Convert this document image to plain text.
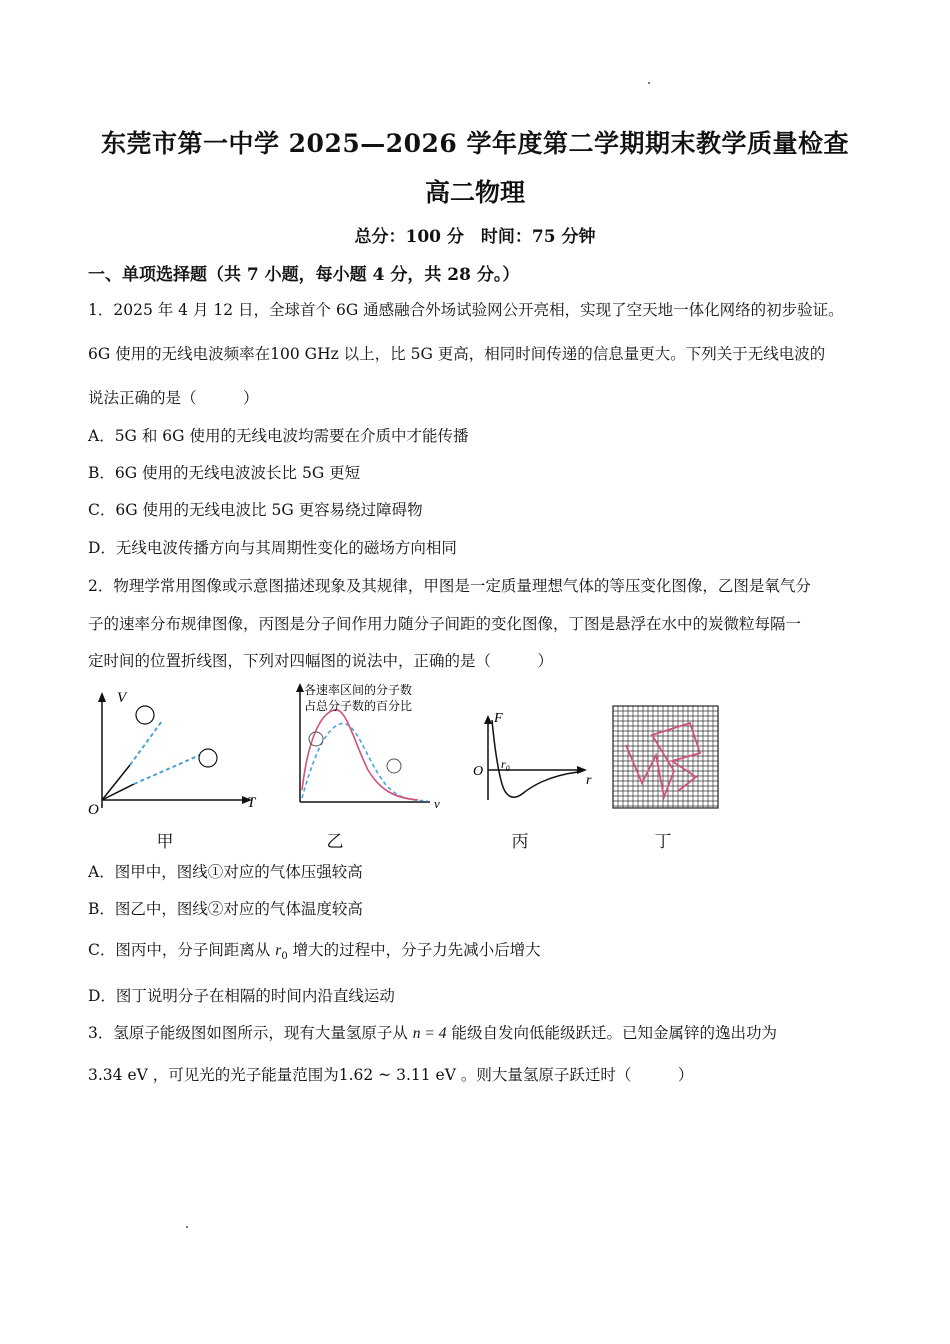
东莞市第一中学 2025—2026 学年度第二学期期末教学质量检查
高二物理
总分：100 分　时间：75 分钟
一、单项选择题（共 7 小题，每小题 4 分，共 28 分。）
1．2025 年 4 月 12 日，全球首个 6G 通感融合外场试验网公开亮相，实现了空天地一体化网络的初步验证。
6G 使用的无线电波频率在100 GHz 以上，比 5G 更高，相同时间传递的信息量更大。下列关于无线电波的
说法正确的是（　　　）
A．5G 和 6G 使用的无线电波均需要在介质中才能传播
B．6G 使用的无线电波波长比 5G 更短
C．6G 使用的无线电波比 5G 更容易绕过障碍物
D．无线电波传播方向与其周期性变化的磁场方向相同
2．物理学常用图像或示意图描述现象及其规律，甲图是一定质量理想气体的等压变化图像，乙图是氧气分
子的速率分布规律图像，丙图是分子间作用力随分子间距的变化图像，丁图是悬浮在水中的炭微粒每隔一
定时间的位置折线图，下列对四幅图的说法中，正确的是（　　　）
V
T
O
甲
各速率区间的分子数
占总分子数的百分比
v
乙
F
r
O $r_0$
丙	丁
A．图甲中，图线①对应的气体压强较高
B．图乙中，图线②对应的气体温度较高
C．图丙中，分子间距离从 $r_0$ 增大的过程中，分子力先减小后增大
D．图丁说明分子在相隔的时间内沿直线运动
3．氢原子能级图如图所示，现有大量氢原子从 n = 4 能级自发向低能级跃迁。已知金属锌的逸出功为
3.34 eV ，可见光的光子能量范围为1.62 ~ 3.11 eV 。则大量氢原子跃迁时（　　　）
